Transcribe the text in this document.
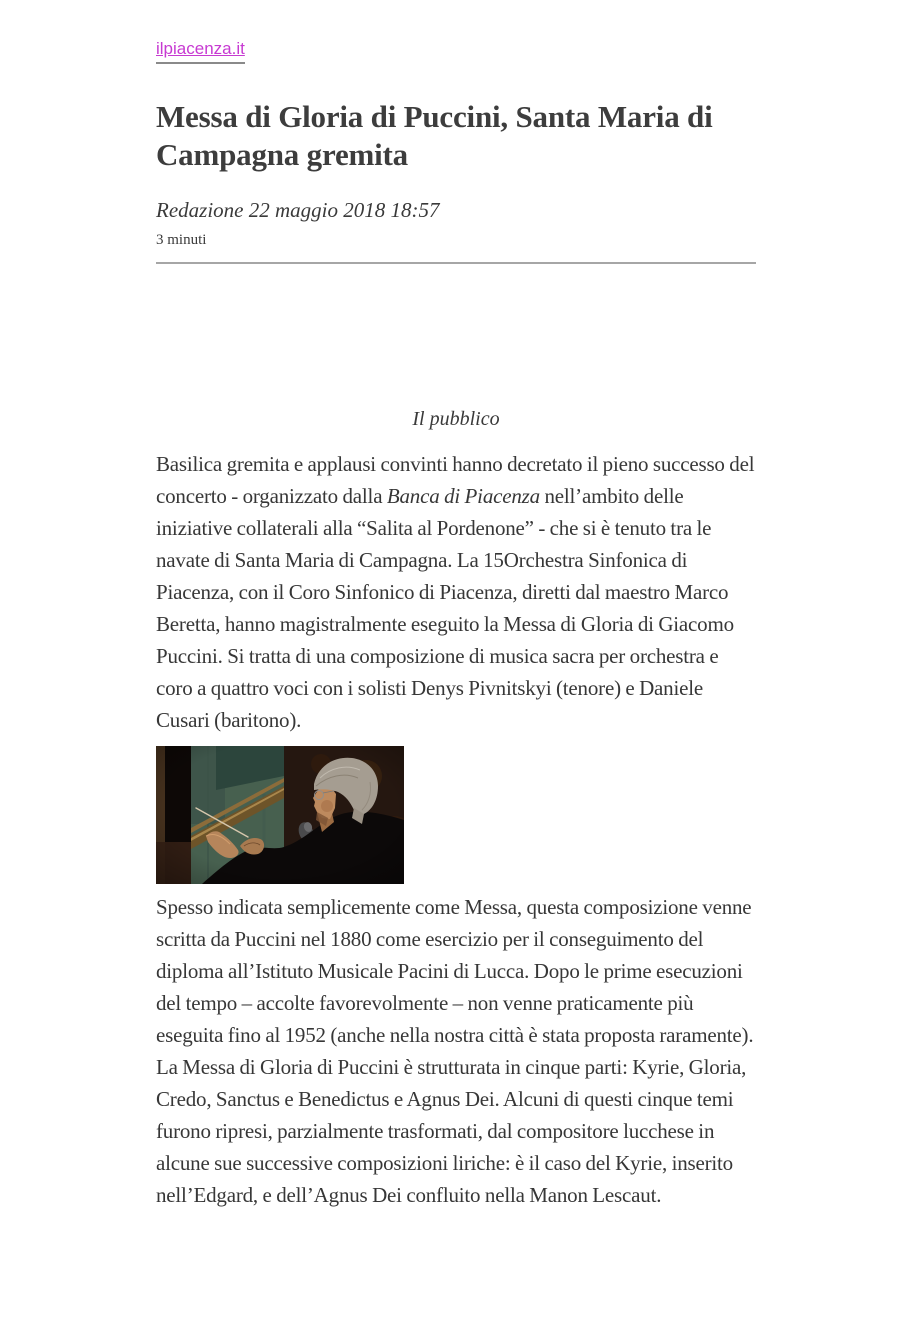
ilpiacenza.it
Messa di Gloria di Puccini, Santa Maria di Campagna gremita
Redazione 22 maggio 2018 18:57
3 minuti
Il pubblico

Basilica gremita e applausi convinti hanno decretato il pieno successo del concerto - organizzato dalla Banca di Piacenza nell’ambito delle iniziative collaterali alla “Salita al Pordenone” - che si è tenuto tra le navate di Santa Maria di Campagna. La 15Orchestra Sinfonica di Piacenza, con il Coro Sinfonico di Piacenza, diretti dal maestro Marco Beretta, hanno magistralmente eseguito la Messa di Gloria di Giacomo Puccini. Si tratta di una composizione di musica sacra per orchestra e coro a quattro voci con i solisti Denys Pivnitskyi (tenore) e Daniele Cusari (baritono).

Spesso indicata semplicemente come Messa, questa composizione venne scritta da Puccini nel 1880 come esercizio per il conseguimento del diploma all’Istituto Musicale Pacini di Lucca. Dopo le prime esecuzioni del tempo – accolte favorevolmente – non venne praticamente più eseguita fino al 1952 (anche nella nostra città è stata proposta raramente). La Messa di Gloria di Puccini è strutturata in cinque parti: Kyrie, Gloria, Credo, Sanctus e Benedictus e Agnus Dei. Alcuni di questi cinque temi furono ripresi, parzialmente trasformati, dal compositore lucchese in alcune sue successive composizioni liriche: è il caso del Kyrie, inserito nell’Edgard, e dell’Agnus Dei confluito nella Manon Lescaut.
